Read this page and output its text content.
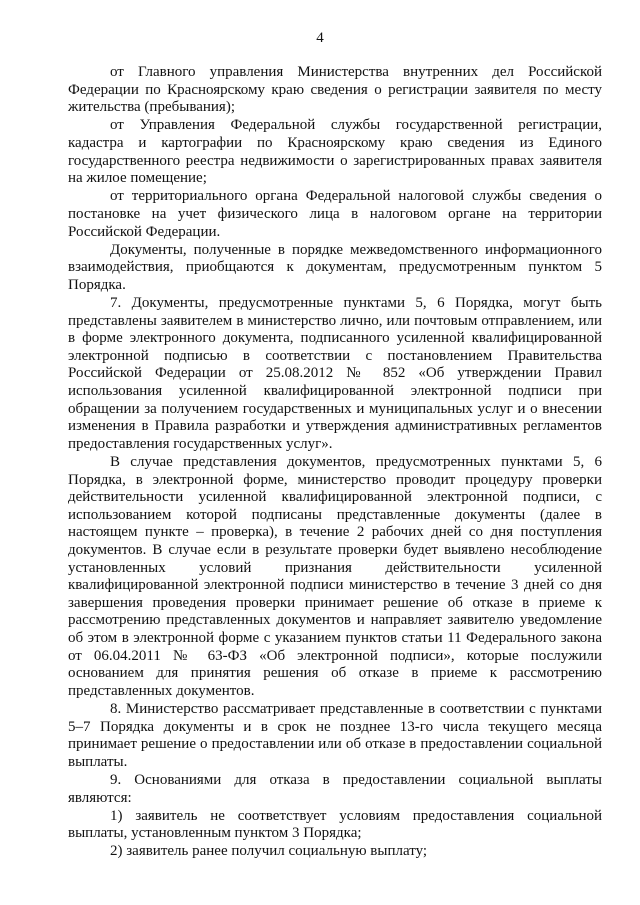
4

от Главного управления Министерства внутренних дел Российской Федерации по Красноярскому краю сведения о регистрации заявителя по месту жительства (пребывания);

от Управления Федеральной службы государственной регистрации, кадастра и картографии по Красноярскому краю сведения из Единого государственного реестра недвижимости о зарегистрированных правах заявителя на жилое помещение;

от территориального органа Федеральной налоговой службы сведения о постановке на учет физического лица в налоговом органе на территории Российской Федерации.

Документы, полученные в порядке межведомственного информационного взаимодействия, приобщаются к документам, предусмотренным пунктом 5 Порядка.

7. Документы, предусмотренные пунктами 5, 6 Порядка, могут быть представлены заявителем в министерство лично, или почтовым отправлением, или в форме электронного документа, подписанного усиленной квалифицированной электронной подписью в соответствии с постановлением Правительства Российской Федерации от 25.08.2012 № 852 «Об утверждении Правил использования усиленной квалифицированной электронной подписи при обращении за получением государственных и муниципальных услуг и о внесении изменения в Правила разработки и утверждения административных регламентов предоставления государственных услуг».

В случае представления документов, предусмотренных пунктами 5, 6 Порядка, в электронной форме, министерство проводит процедуру проверки действительности усиленной квалифицированной электронной подписи, с использованием которой подписаны представленные документы (далее в настоящем пункте – проверка), в течение 2 рабочих дней со дня поступления документов. В случае если в результате проверки будет выявлено несоблюдение установленных условий признания действительности усиленной квалифицированной электронной подписи министерство в течение 3 дней со дня завершения проведения проверки принимает решение об отказе в приеме к рассмотрению представленных документов и направляет заявителю уведомление об этом в электронной форме с указанием пунктов статьи 11 Федерального закона от 06.04.2011 № 63-ФЗ «Об электронной подписи», которые послужили основанием для принятия решения об отказе в приеме к рассмотрению представленных документов.

8. Министерство рассматривает представленные в соответствии с пунктами 5–7 Порядка документы и в срок не позднее 13-го числа текущего месяца принимает решение о предоставлении или об отказе в предоставлении социальной выплаты.

9. Основаниями для отказа в предоставлении социальной выплаты являются:

1) заявитель не соответствует условиям предоставления социальной выплаты, установленным пунктом 3 Порядка;

2) заявитель ранее получил социальную выплату;
